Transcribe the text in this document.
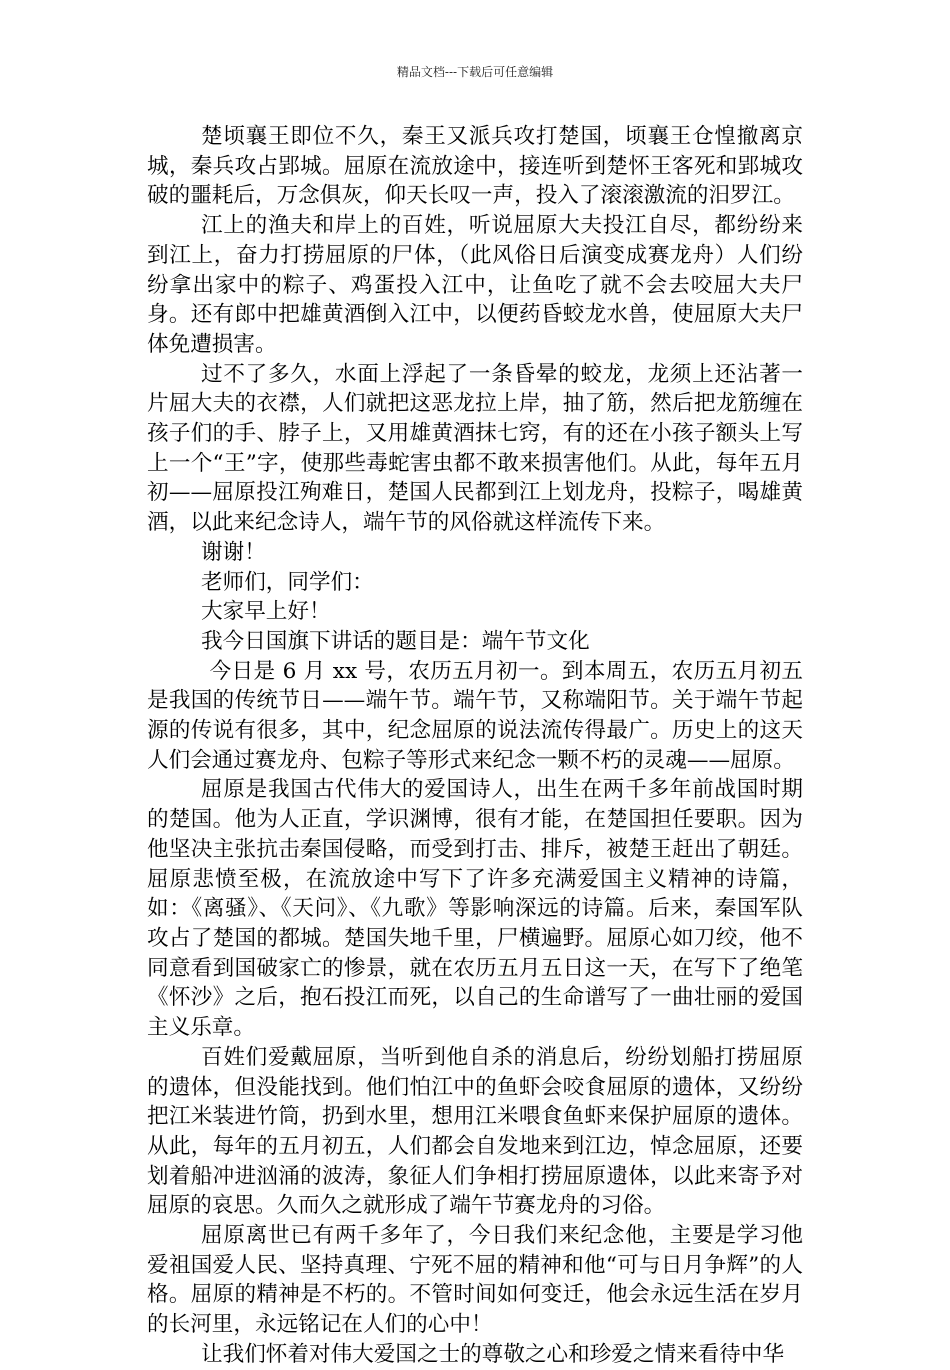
精品文档---下载后可任意编辑

楚顷襄王即位不久，秦王又派兵攻打楚国，顷襄王仓惶撤离京城，秦兵攻占郢城。屈原在流放途中，接连听到楚怀王客死和郢城攻破的噩耗后，万念俱灰，仰天长叹一声，投入了滚滚激流的汨罗江。

江上的渔夫和岸上的百姓，听说屈原大夫投江自尽，都纷纷来到江上，奋力打捞屈原的尸体，（此风俗日后演变成赛龙舟）人们纷纷拿出家中的粽子、鸡蛋投入江中，让鱼吃了就不会去咬屈大夫尸身。还有郎中把雄黄酒倒入江中，以便药昏蛟龙水兽，使屈原大夫尸体免遭损害。

过不了多久，水面上浮起了一条昏晕的蛟龙，龙须上还沾著一片屈大夫的衣襟，人们就把这恶龙拉上岸，抽了筋，然后把龙筋缠在孩子们的手、脖子上，又用雄黄酒抹七窍，有的还在小孩子额头上写上一个“王”字，使那些毒蛇害虫都不敢来损害他们。从此，每年五月初——屈原投江殉难日，楚国人民都到江上划龙舟，投粽子，喝雄黄酒，以此来纪念诗人，端午节的风俗就这样流传下来。

谢谢！

老师们，同学们：

大家早上好！

我今日国旗下讲话的题目是：端午节文化

今日是 6 月 xx 号，农历五月初一。到本周五，农历五月初五是我国的传统节日——端午节。端午节，又称端阳节。关于端午节起源的传说有很多，其中，纪念屈原的说法流传得最广。历史上的这天人们会通过赛龙舟、包粽子等形式来纪念一颗不朽的灵魂——屈原。

屈原是我国古代伟大的爱国诗人，出生在两千多年前战国时期的楚国。他为人正直，学识渊博，很有才能，在楚国担任要职。因为他坚决主张抗击秦国侵略，而受到打击、排斥，被楚王赶出了朝廷。屈原悲愤至极，在流放途中写下了许多充满爱国主义精神的诗篇，如：《离骚》、《天问》、《九歌》等影响深远的诗篇。后来，秦国军队攻占了楚国的都城。楚国失地千里，尸横遍野。屈原心如刀绞，他不同意看到国破家亡的惨景，就在农历五月五日这一天，在写下了绝笔《怀沙》之后，抱石投江而死，以自己的生命谱写了一曲壮丽的爱国主义乐章。

百姓们爱戴屈原，当听到他自杀的消息后，纷纷划船打捞屈原的遗体，但没能找到。他们怕江中的鱼虾会咬食屈原的遗体，又纷纷把江米装进竹筒，扔到水里，想用江米喂食鱼虾来保护屈原的遗体。从此，每年的五月初五，人们都会自发地来到江边，悼念屈原，还要划着船冲进汹涌的波涛，象征人们争相打捞屈原遗体，以此来寄予对屈原的哀思。久而久之就形成了端午节赛龙舟的习俗。

屈原离世已有两千多年了，今日我们来纪念他，主要是学习他爱祖国爱人民、坚持真理、宁死不屈的精神和他“可与日月争辉”的人格。屈原的精神是不朽的。不管时间如何变迁，他会永远生活在岁月的长河里，永远铭记在人们的心中！

让我们怀着对伟大爱国之士的尊敬之心和珍爱之情来看待中华
